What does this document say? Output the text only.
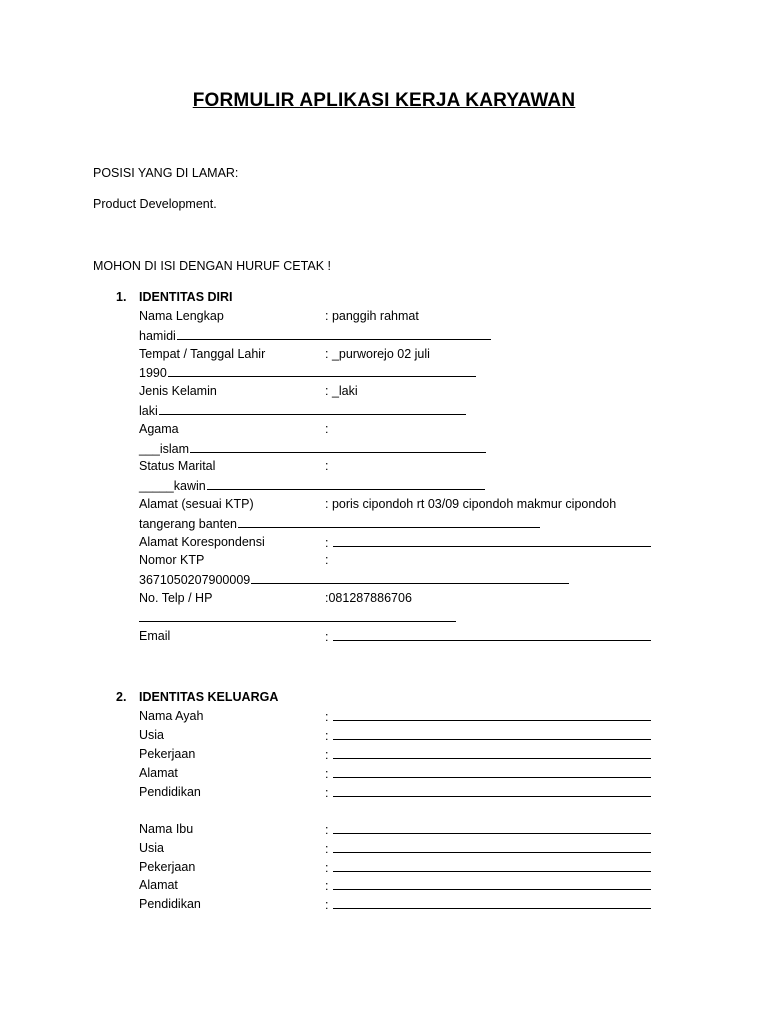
FORMULIR APLIKASI KERJA KARYAWAN
POSISI YANG DI LAMAR:
Product Development.
MOHON DI ISI DENGAN HURUF CETAK !
1. IDENTITAS DIRI
Nama Lengkap	: panggih rahmat
hamidi
Tempat / Tanggal Lahir	: _purworejo 02 juli
1990
Jenis Kelamin	: _laki
laki
Agama	:
___islam
Status Marital	:
_____kawin
Alamat (sesuai KTP)	: poris cipondoh rt 03/09 cipondoh makmur cipondoh
tangerang banten
Alamat Korespondensi	:
Nomor KTP	:
3671050207900009
No. Telp / HP	:081287886706
Email	:
2. IDENTITAS KELUARGA
Nama Ayah	:
Usia	:
Pekerjaan	:
Alamat	:
Pendidikan	:
Nama Ibu	:
Usia	:
Pekerjaan	:
Alamat	:
Pendidikan	:
